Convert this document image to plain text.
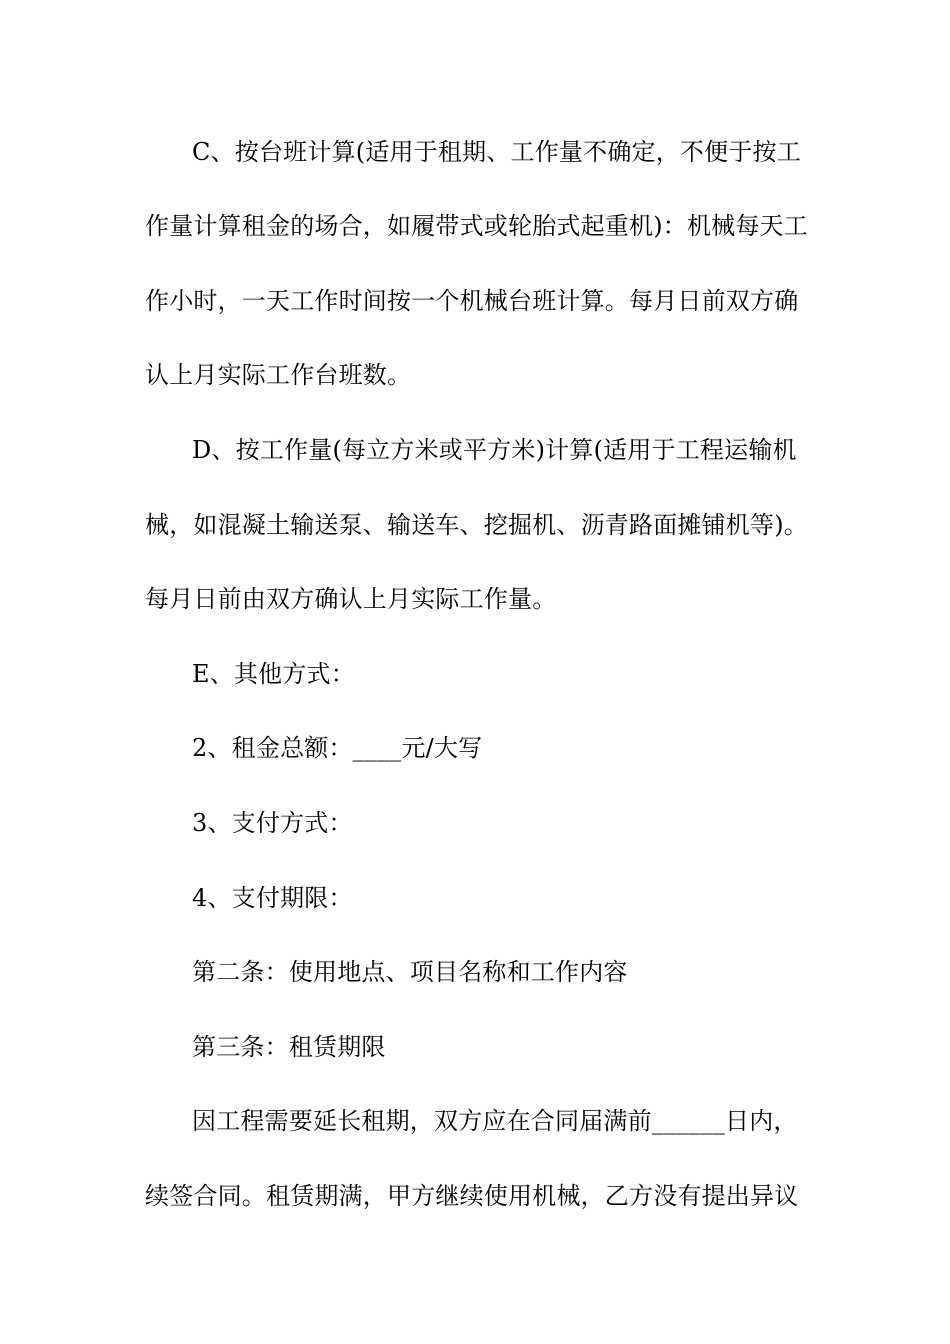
C、按台班计算(适用于租期、工作量不确定，不便于按工
作量计算租金的场合，如履带式或轮胎式起重机)：机械每天工
作小时，一天工作时间按一个机械台班计算。每月日前双方确
认上月实际工作台班数。
D、按工作量(每立方米或平方米)计算(适用于工程运输机
械，如混凝土输送泵、输送车、挖掘机、沥青路面摊铺机等)。
每月日前由双方确认上月实际工作量。
E、其他方式：
2、租金总额：____元/大写
3、支付方式：
4、支付期限：
第二条：使用地点、项目名称和工作内容
第三条：租赁期限
因工程需要延长租期，双方应在合同届满前______日内，
续签合同。租赁期满，甲方继续使用机械，乙方没有提出异议
